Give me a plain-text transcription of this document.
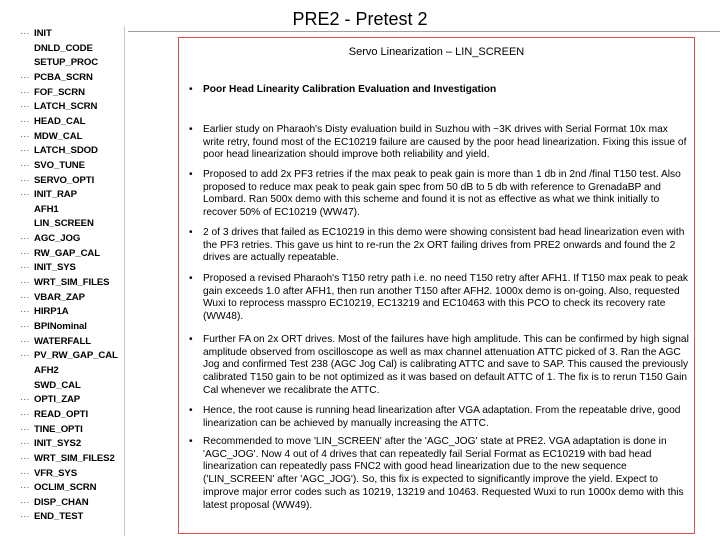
PRE2 - Pretest 2
··· INIT
DNLD_CODE
SETUP_PROC
··· PCBA_SCRN
··· FOF_SCRN
··· LATCH_SCRN
··· HEAD_CAL
··· MDW_CAL
··· LATCH_SDOD
··· SVO_TUNE
··· SERVO_OPTI
··· INIT_RAP
AFH1
LIN_SCREEN
··· AGC_JOG
··· RW_GAP_CAL
··· INIT_SYS
··· WRT_SIM_FILES
··· VBAR_ZAP
··· HIRP1A
··· BPINominal
··· WATERFALL
··· PV_RW_GAP_CAL
AFH2
SWD_CAL
··· OPTI_ZAP
··· READ_OPTI
··· TINE_OPTI
··· INIT_SYS2
··· WRT_SIM_FILES2
··· VFR_SYS
··· OCLIM_SCRN
··· DISP_CHAN
··· END_TEST
Servo Linearization – LIN_SCREEN
•	Poor Head Linearity Calibration Evaluation and Investigation
•	Earlier study on Pharaoh's Disty evaluation build in Suzhou with ~3K drives with Serial Format 10x max write retry, found most of the EC10219 failure are caused by the poor head linearization. Fixing this issue of poor head linearization should improve both reliability and yield.
•	Proposed to add 2x PF3 retries if the max peak to peak gain is more than 1 db in 2nd /final T150 test. Also proposed to reduce max peak to peak gain spec from 50 dB to 5 db with reference to GrenadaBP and Lombard. Ran 500x demo with this scheme and found it is not as effective as what we think initially to recover 50% of EC10219 (WW47).
•	2 of 3 drives that failed as EC10219 in this demo were showing consistent bad head linearization even with the PF3 retries. This gave us hint to re-run the 2x ORT failing drives from PRE2 onwards and found the 2 drives are actually repeatable.
•	Proposed a revised Pharaoh's T150 retry path i.e. no need T150 retry after AFH1. If T150 max peak to peak gain exceeds 1.0 after AFH1, then run another T150 after AFH2. 1000x demo is on-going. Also, requested Wuxi to reprocess masspro EC10219, EC13219 and EC10463 with this PCO to check its recovery rate (WW48).
•	Further FA on 2x ORT drives. Most of the failures have high amplitude. This can be confirmed by high signal amplitude observed from oscilloscope as well as max channel attenuation ATTC picked of 3. Ran the AGC Jog and confirmed Test 238 (AGC Jog Cal) is calibrating ATTC and save to SAP. This caused the previously calibrated T150 gain to be not optimized as it was based on default ATTC of 1. The fix is to rerun T150 Gain Cal whenever we recalibrate the ATTC.
•	Hence, the root cause is running head linearization after VGA adaptation. From the repeatable drive, good linearization can be achieved by manually increasing the ATTC.
•	Recommended to move 'LIN_SCREEN' after the 'AGC_JOG' state at PRE2. VGA adaptation is done in 'AGC_JOG'. Now 4 out of 4 drives that can repeatedly fail Serial Format as EC10219 with bad head linearization can repeatedly pass FNC2 with good head linearization due to the new sequence ('LIN_SCREEN' after 'AGC_JOG'). So, this fix is expected to significantly improve the yield. Expect to improve major error codes such as 10219, 13219 and 10463. Requested Wuxi to run 1000x demo with this latest proposal (WW49).
